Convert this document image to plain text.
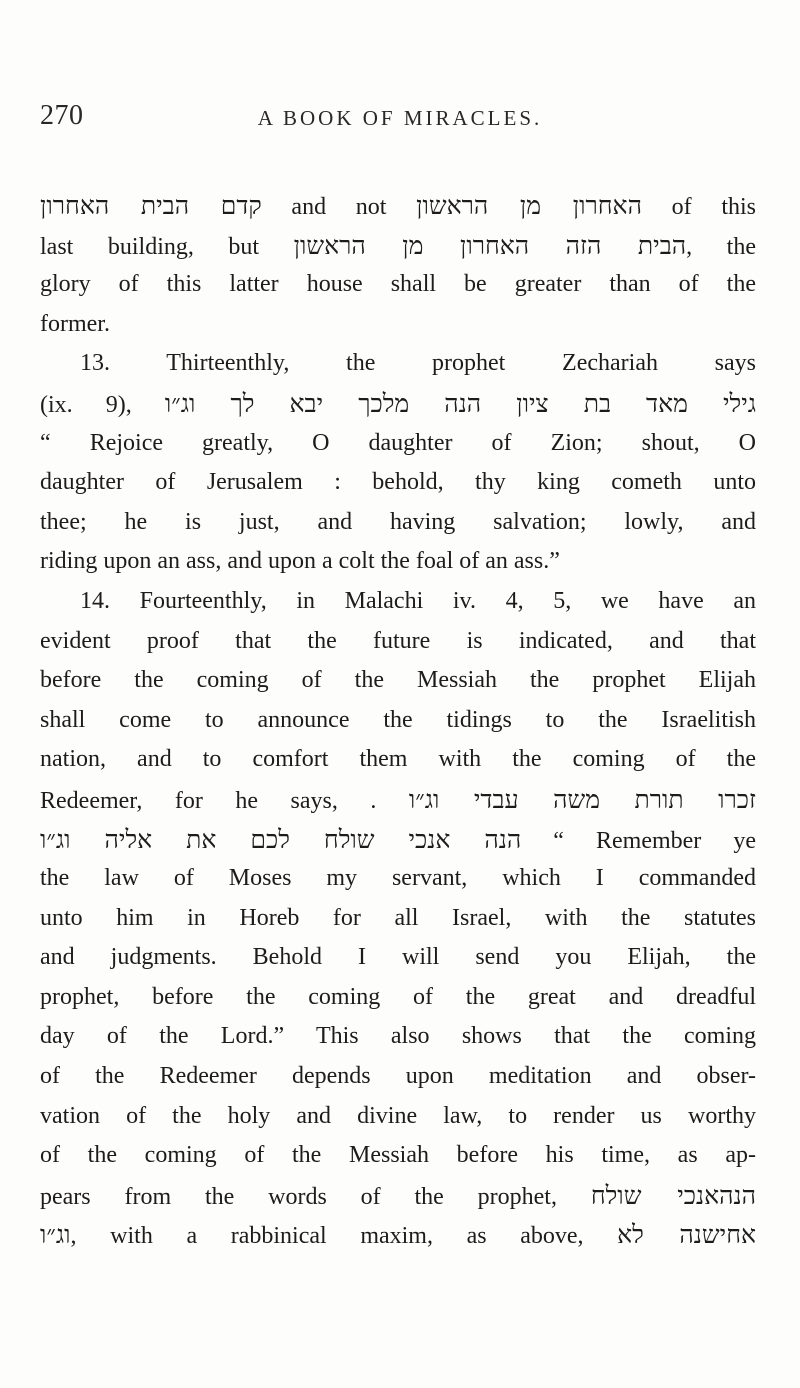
270	A BOOK OF MIRACLES.
קדם הבית האחרון and not האחרון מן הראשון of this
last building, but הבית הזה האחרון מן הראשון, the
glory of this latter house shall be greater than of the
former.
13. Thirteenthly, the prophet Zechariah says
(ix. 9), גילי מאד בת ציון הנה מלכך יבא לך וג״ו
“ Rejoice greatly, O daughter of Zion; shout, O
daughter of Jerusalem : behold, thy king cometh unto
thee; he is just, and having salvation; lowly, and
riding upon an ass, and upon a colt the foal of an ass.”
14. Fourteenthly, in Malachi iv. 4, 5, we have an
evident proof that the future is indicated, and that
before the coming of the Messiah the prophet Elijah
shall come to announce the tidings to the Israelitish
nation, and to comfort them with the coming of the
Redeemer, for he says, . זכרו תורת משה עבדי וג״ו
הנה אנכי שולח לכם את אליה וג״ו “ Remember ye
the law of Moses my servant, which I commanded
unto him in Horeb for all Israel, with the statutes
and judgments. Behold I will send you Elijah, the
prophet, before the coming of the great and dreadful
day of the Lord.” This also shows that the coming
of the Redeemer depends upon meditation and obser-
vation of the holy and divine law, to render us worthy
of the coming of the Messiah before his time, as ap-
pears from the words of the prophet, הנהאנכי שולח
וג״ו, with a rabbinical maxim, as above, אחישנה לא
